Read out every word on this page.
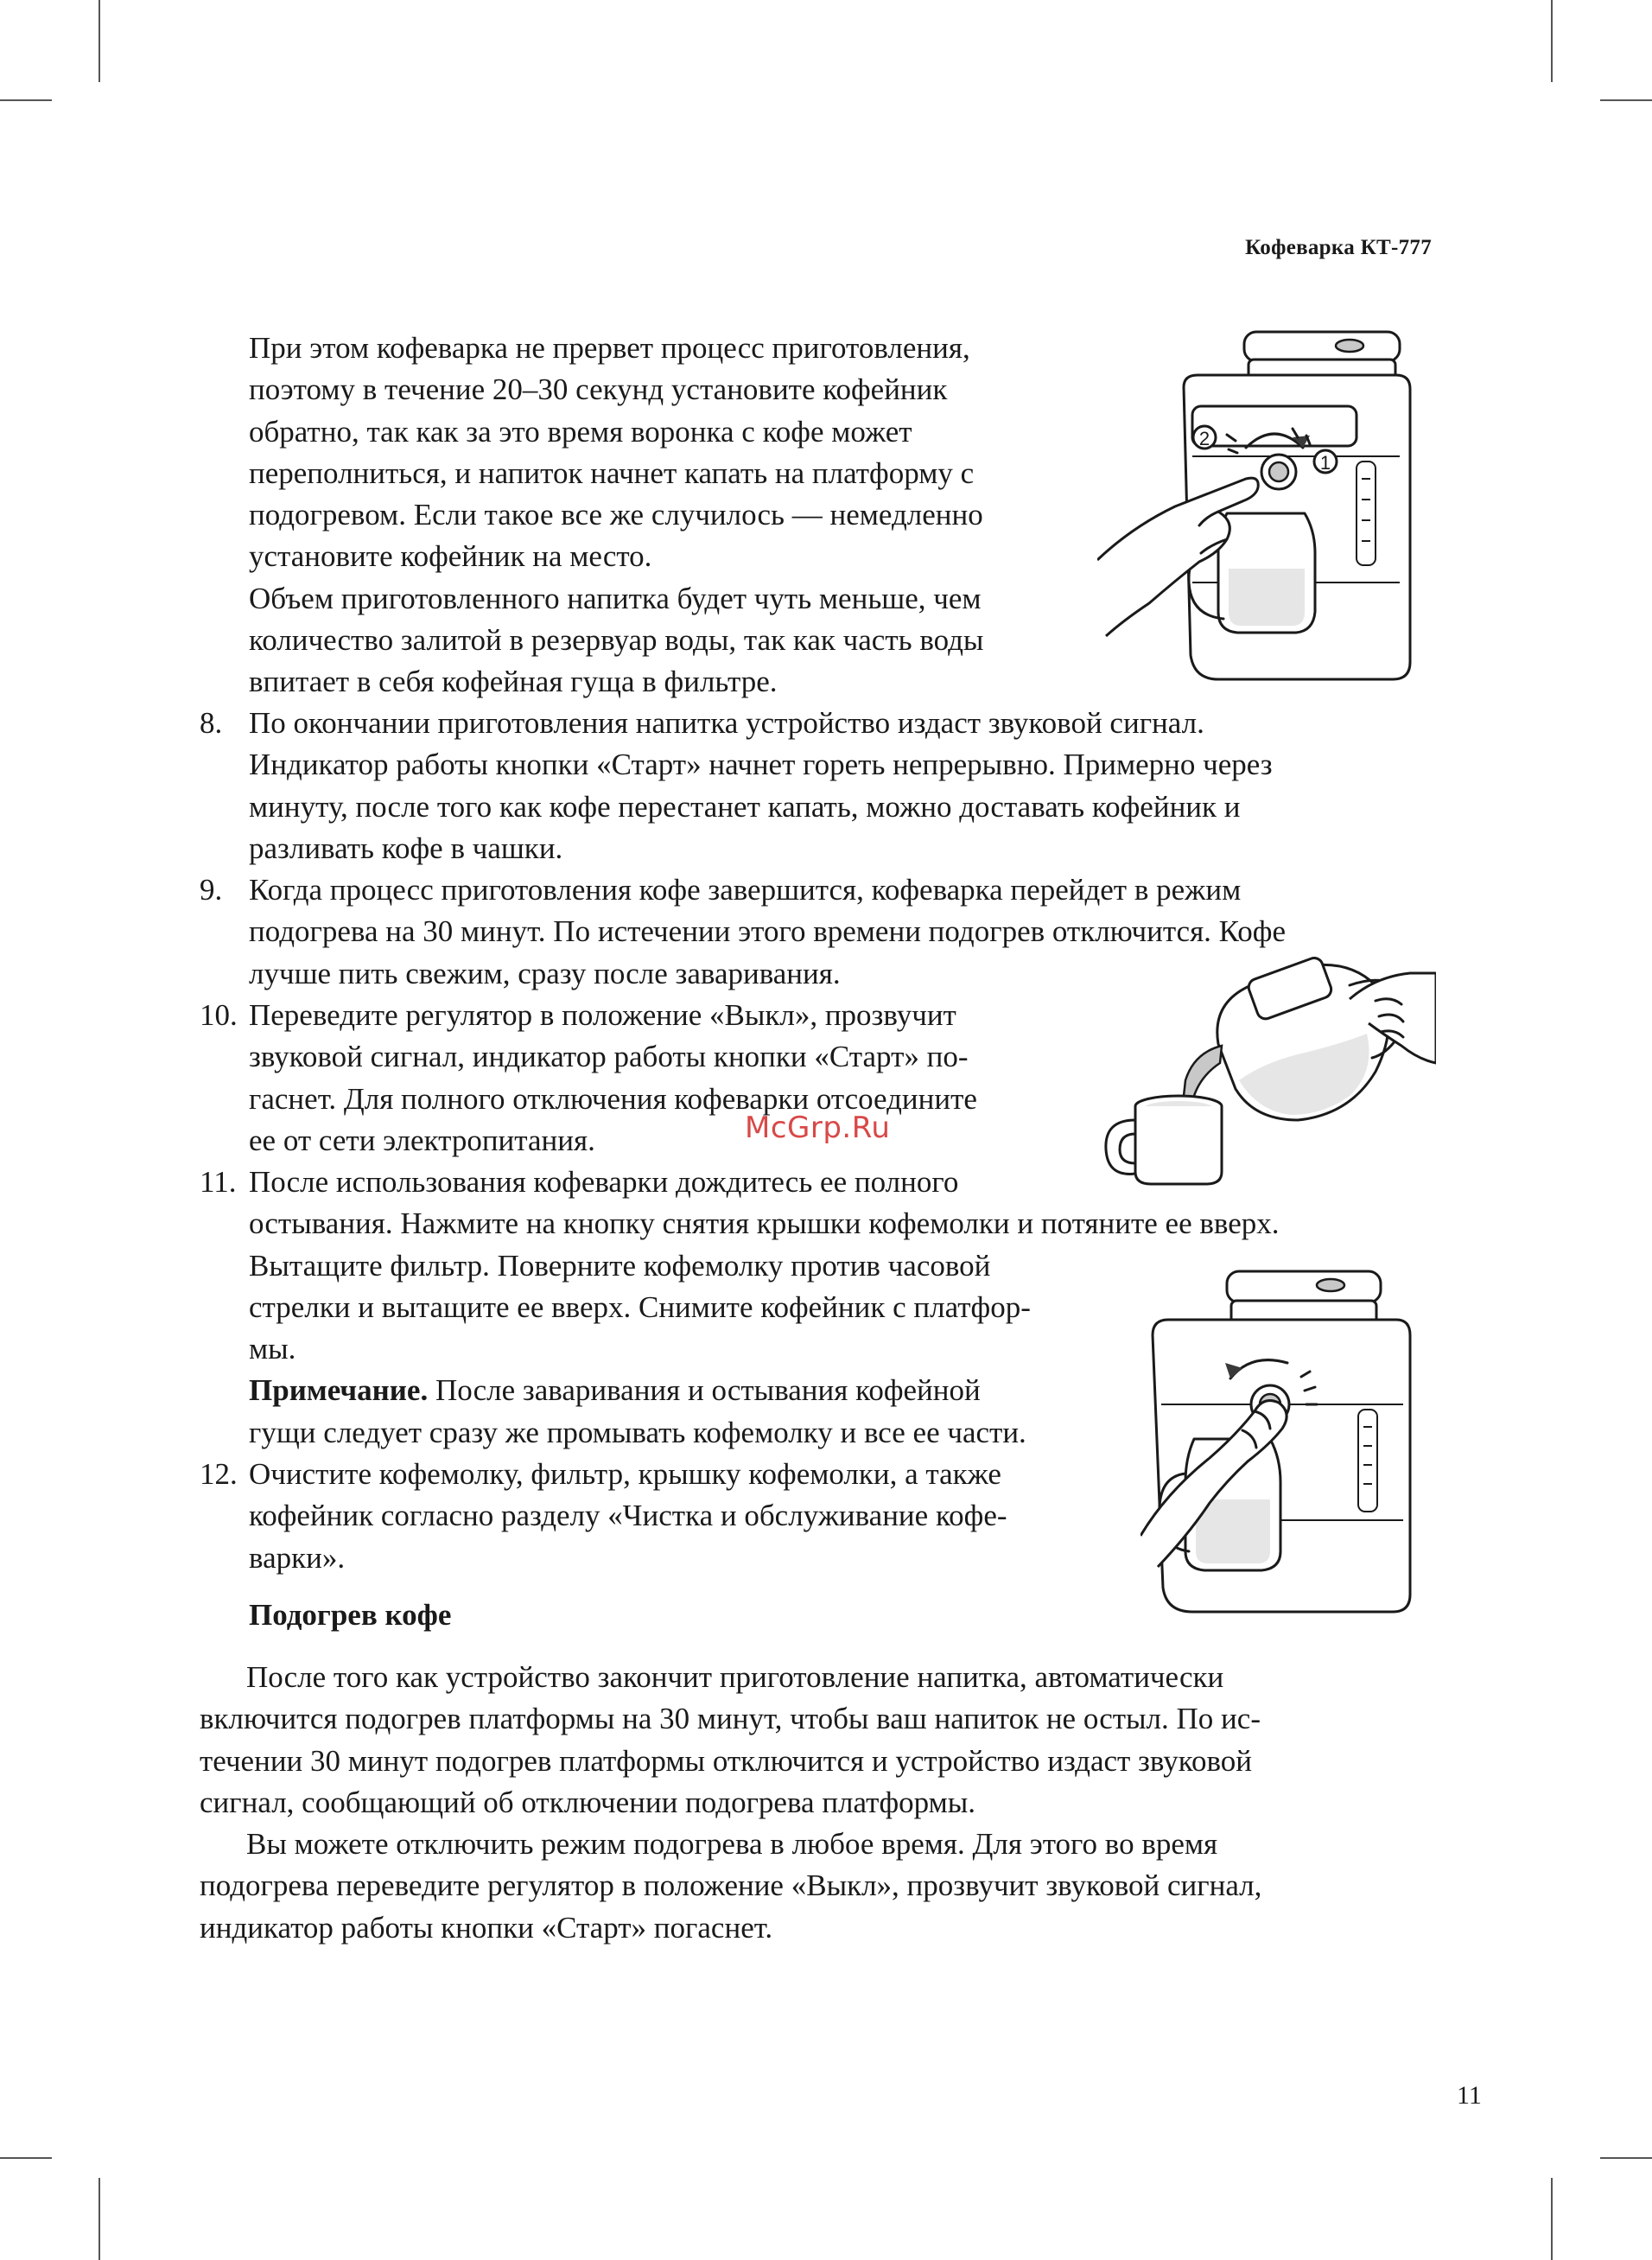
Кофеварка КТ-777
При этом кофеварка не прервет процесс приготовления,
поэтому в течение 20–30 секунд установите кофейник
обратно, так как за это время воронка с кофе может
переполниться, и напиток начнет капать на платформу с
подогревом. Если такое все же случилось — немедленно
установите кофейник на место.
Объем приготовленного напитка будет чуть меньше, чем
количество залитой в резервуар воды, так как часть воды
впитает в себя кофейная гуща в фильтре.
8. По окончании приготовления напитка устройство издаст звуковой сигнал.
Индикатор работы кнопки «Старт» начнет гореть непрерывно. Примерно через
минуту, после того как кофе перестанет капать, можно доставать кофейник и
разливать кофе в чашки.
9. Когда процесс приготовления кофе завершится, кофеварка перейдет в режим
подогрева на 30 минут. По истечении этого времени подогрев отключится. Кофе
лучше пить свежим, сразу после заваривания.
10. Переведите регулятор в положение «Выкл», прозвучит
звуковой сигнал, индикатор работы кнопки «Старт» по-
гаснет. Для полного отключения кофеварки отсоедините
ее от сети электропитания.
11. После использования кофеварки дождитесь ее полного
остывания. Нажмите на кнопку снятия крышки кофемолки и потяните ее вверх.
Вытащите фильтр. Поверните кофемолку против часовой
стрелки и вытащите ее вверх. Снимите кофейник с платфор-
мы.
Примечание. После заваривания и остывания кофейной
гущи следует сразу же промывать кофемолку и все ее части.
12. Очистите кофемолку, фильтр, крышку кофемолки, а также
кофейник согласно разделу «Чистка и обслуживание кофе-
варки».
Подогрев кофе
После того как устройство закончит приготовление напитка, автоматически
включится подогрев платформы на 30 минут, чтобы ваш напиток не остыл. По ис-
течении 30 минут подогрев платформы отключится и устройство издаст звуковой
сигнал, сообщающий об отключении подогрева платформы.
Вы можете отключить режим подогрева в любое время. Для этого во время
подогрева переведите регулятор в положение «Выкл», прозвучит звуковой сигнал,
индикатор работы кнопки «Старт» погаснет.
McGrp.Ru
11
2
1
